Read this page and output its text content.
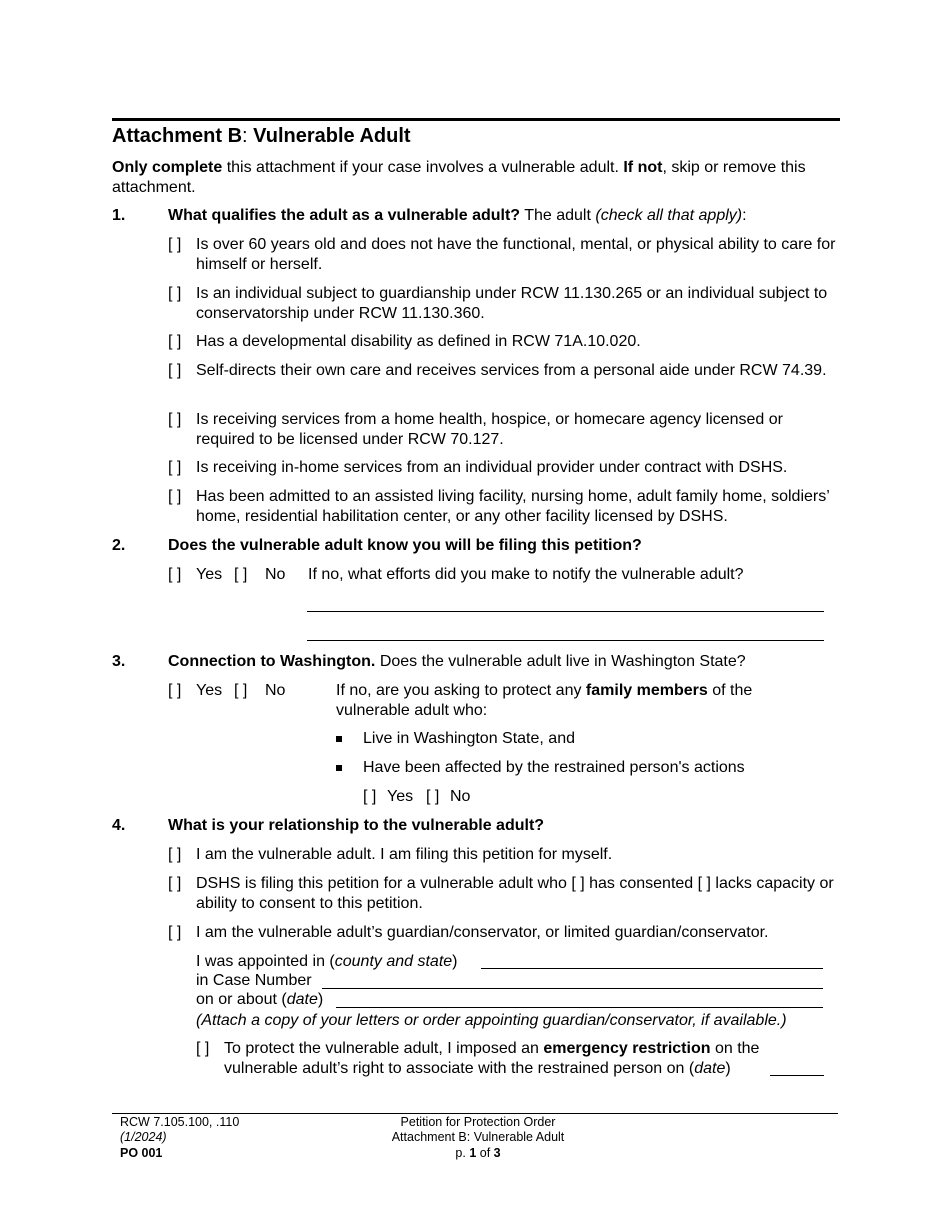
Attachment B: Vulnerable Adult
Only complete this attachment if your case involves a vulnerable adult. If not, skip or remove this attachment.
1.	What qualifies the adult as a vulnerable adult? The adult (check all that apply):
[ ] Is over 60 years old and does not have the functional, mental, or physical ability to care for himself or herself.
[ ] Is an individual subject to guardianship under RCW 11.130.265 or an individual subject to conservatorship under RCW 11.130.360.
[ ] Has a developmental disability as defined in RCW 71A.10.020.
[ ] Self-directs their own care and receives services from a personal aide under RCW 74.39.
[ ] Is receiving services from a home health, hospice, or homecare agency licensed or required to be licensed under RCW 70.127.
[ ] Is receiving in-home services from an individual provider under contract with DSHS.
[ ] Has been admitted to an assisted living facility, nursing home, adult family home, soldiers’ home, residential habilitation center, or any other facility licensed by DSHS.
2.	Does the vulnerable adult know you will be filing this petition?
[ ] Yes [ ] No If no, what efforts did you make to notify the vulnerable adult?
3.	Connection to Washington. Does the vulnerable adult live in Washington State?
[ ] Yes [ ] No	If no, are you asking to protect any family members of the vulnerable adult who:
Live in Washington State, and
Have been affected by the restrained person's actions
[ ] Yes [ ] No
4.	What is your relationship to the vulnerable adult?
[ ] I am the vulnerable adult. I am filing this petition for myself.
[ ] DSHS is filing this petition for a vulnerable adult who [ ] has consented [ ] lacks capacity or ability to consent to this petition.
[ ] I am the vulnerable adult’s guardian/conservator, or limited guardian/conservator.
I was appointed in (county and state)
in Case Number
on or about (date)
(Attach a copy of your letters or order appointing guardian/conservator, if available.)
[ ] To protect the vulnerable adult, I imposed an emergency restriction on the vulnerable adult’s right to associate with the restrained person on (date)
RCW 7.105.100, .110
(1/2024)
PO 001
Petition for Protection Order
Attachment B: Vulnerable Adult
p. 1 of 3
